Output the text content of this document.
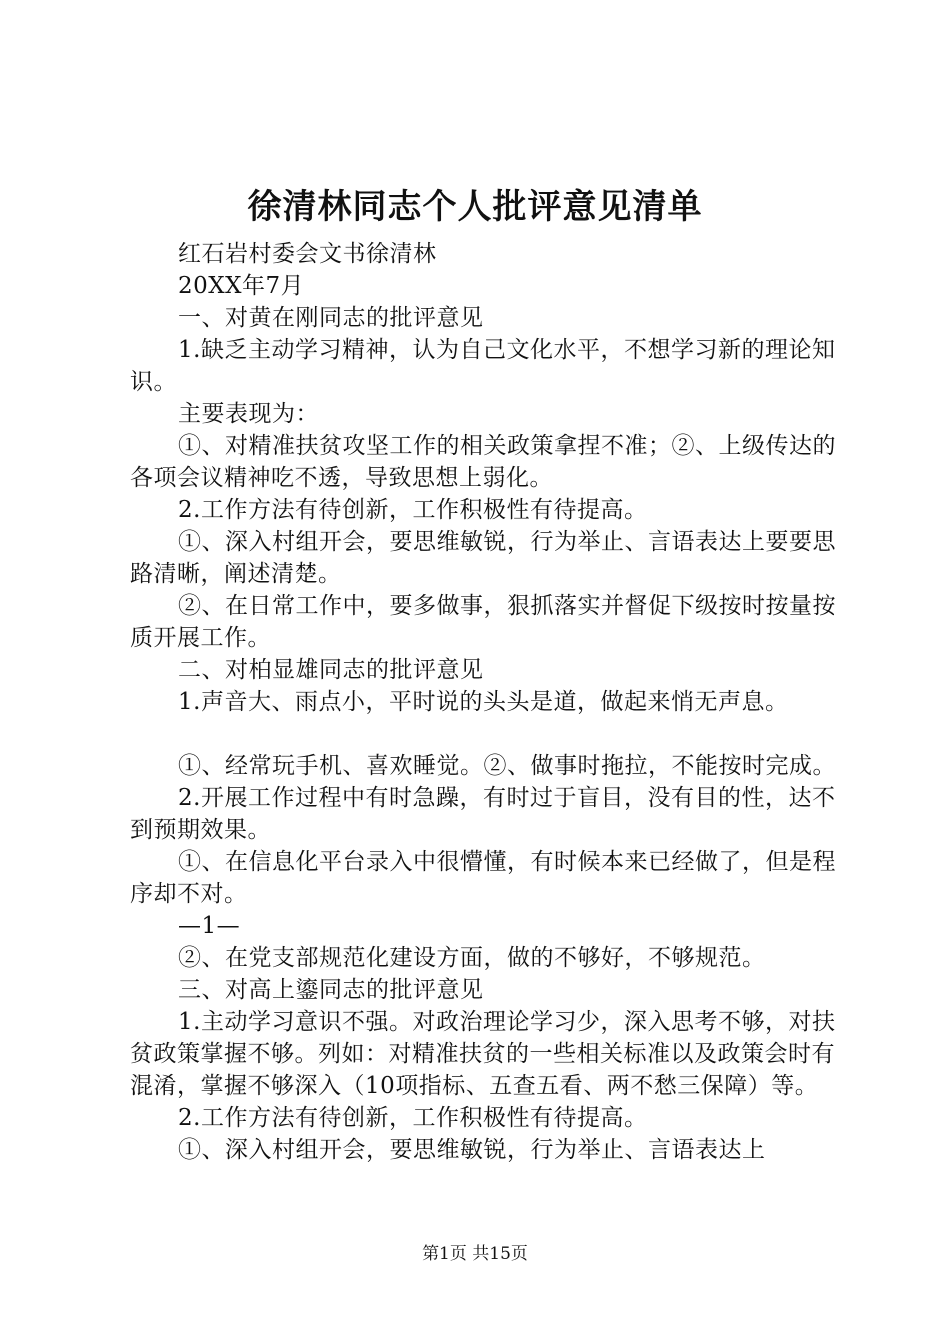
徐清林同志个人批评意见清单

红石岩村委会文书徐清林

20XX年7月

一、对黄在刚同志的批评意见

1.缺乏主动学习精神，认为自己文化水平，不想学习新的理论知识。

主要表现为：

①、对精准扶贫攻坚工作的相关政策拿捏不准；②、上级传达的各项会议精神吃不透，导致思想上弱化。

2.工作方法有待创新，工作积极性有待提高。

①、深入村组开会，要思维敏锐，行为举止、言语表达上要要思路清晰，阐述清楚。

②、在日常工作中，要多做事，狠抓落实并督促下级按时按量按质开展工作。

二、对柏显雄同志的批评意见

1.声音大、雨点小，平时说的头头是道，做起来悄无声息。

①、经常玩手机、喜欢睡觉。②、做事时拖拉，不能按时完成。

2.开展工作过程中有时急躁，有时过于盲目，没有目的性，达不到预期效果。

①、在信息化平台录入中很懵懂，有时候本来已经做了，但是程序却不对。

—1—

②、在党支部规范化建设方面，做的不够好，不够规范。

三、对高上鎏同志的批评意见

1.主动学习意识不强。对政治理论学习少，深入思考不够，对扶贫政策掌握不够。列如：对精准扶贫的一些相关标准以及政策会时有混淆，掌握不够深入（10项指标、五查五看、两不愁三保障）等。

2.工作方法有待创新，工作积极性有待提高。

①、深入村组开会，要思维敏锐，行为举止、言语表达上

第1页 共15页
